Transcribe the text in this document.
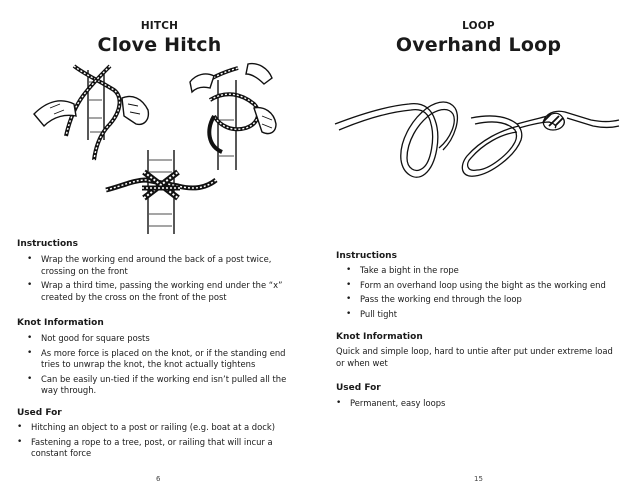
HITCH
Clove Hitch
Instructions
• Wrap the working end around the back of a post twice, crossing on the front
• Wrap a third time, passing the working end under the “x” created by the cross on the front of the post
Knot Information
• Not good for square posts
• As more force is placed on the knot, or if the standing end tries to unwrap the knot, the knot actually tightens
• Can be easily un-tied if the working end isn’t pulled all the way through.
Used For
• Hitching an object to a post or railing (e.g. boat at a dock)
• Fastening a rope to a tree, post, or railing that will incur a constant force
6
LOOP
Overhand Loop
Instructions
• Take a bight in the rope
• Form an overhand loop using the bight as the working end
• Pass the working end through the loop
• Pull tight
Knot Information
Quick and simple loop, hard to untie after put under extreme load or when wet
Used For
• Permanent, easy loops
15
